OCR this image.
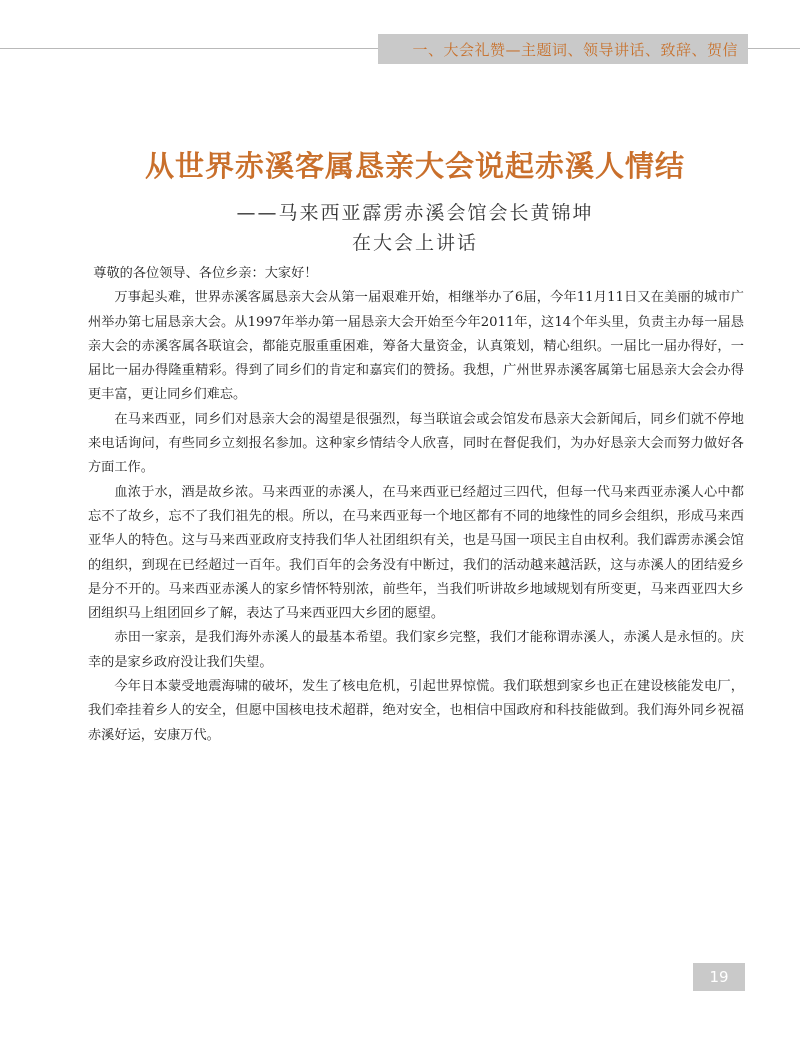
一、大会礼赞—主题词、领导讲话、致辞、贺信
从世界赤溪客属恳亲大会说起赤溪人情结
——马来西亚霹雳赤溪会馆会长黄锦坤
在大会上讲话

尊敬的各位领导、各位乡亲：大家好！

万事起头难，世界赤溪客属恳亲大会从第一届艰难开始，相继举办了6届，今年11月11日又在美丽的城市广州举办第七届恳亲大会。从1997年举办第一届恳亲大会开始至今年2011年，这14个年头里，负责主办每一届恳亲大会的赤溪客属各联谊会，都能克服重重困难，筹备大量资金，认真策划，精心组织。一届比一届办得好，一届比一届办得隆重精彩。得到了同乡们的肯定和嘉宾们的赞扬。我想，广州世界赤溪客属第七届恳亲大会会办得更丰富，更让同乡们难忘。

在马来西亚，同乡们对恳亲大会的渴望是很强烈，每当联谊会或会馆发布恳亲大会新闻后，同乡们就不停地来电话询问，有些同乡立刻报名参加。这种家乡情结令人欣喜，同时在督促我们，为办好恳亲大会而努力做好各方面工作。

血浓于水，酒是故乡浓。马来西亚的赤溪人，在马来西亚已经超过三四代，但每一代马来西亚赤溪人心中都忘不了故乡，忘不了我们祖先的根。所以，在马来西亚每一个地区都有不同的地缘性的同乡会组织，形成马来西亚华人的特色。这与马来西亚政府支持我们华人社团组织有关，也是马国一项民主自由权利。我们霹雳赤溪会馆的组织，到现在已经超过一百年。我们百年的会务没有中断过，我们的活动越来越活跃，这与赤溪人的团结爱乡是分不开的。马来西亚赤溪人的家乡情怀特别浓，前些年，当我们听讲故乡地域规划有所变更，马来西亚四大乡团组织马上组团回乡了解，表达了马来西亚四大乡团的愿望。

赤田一家亲，是我们海外赤溪人的最基本希望。我们家乡完整，我们才能称谓赤溪人，赤溪人是永恒的。庆幸的是家乡政府没让我们失望。

今年日本蒙受地震海啸的破坏，发生了核电危机，引起世界惊慌。我们联想到家乡也正在建设核能发电厂，我们牵挂着乡人的安全，但愿中国核电技术超群，绝对安全，也相信中国政府和科技能做到。我们海外同乡祝福赤溪好运，安康万代。

19
